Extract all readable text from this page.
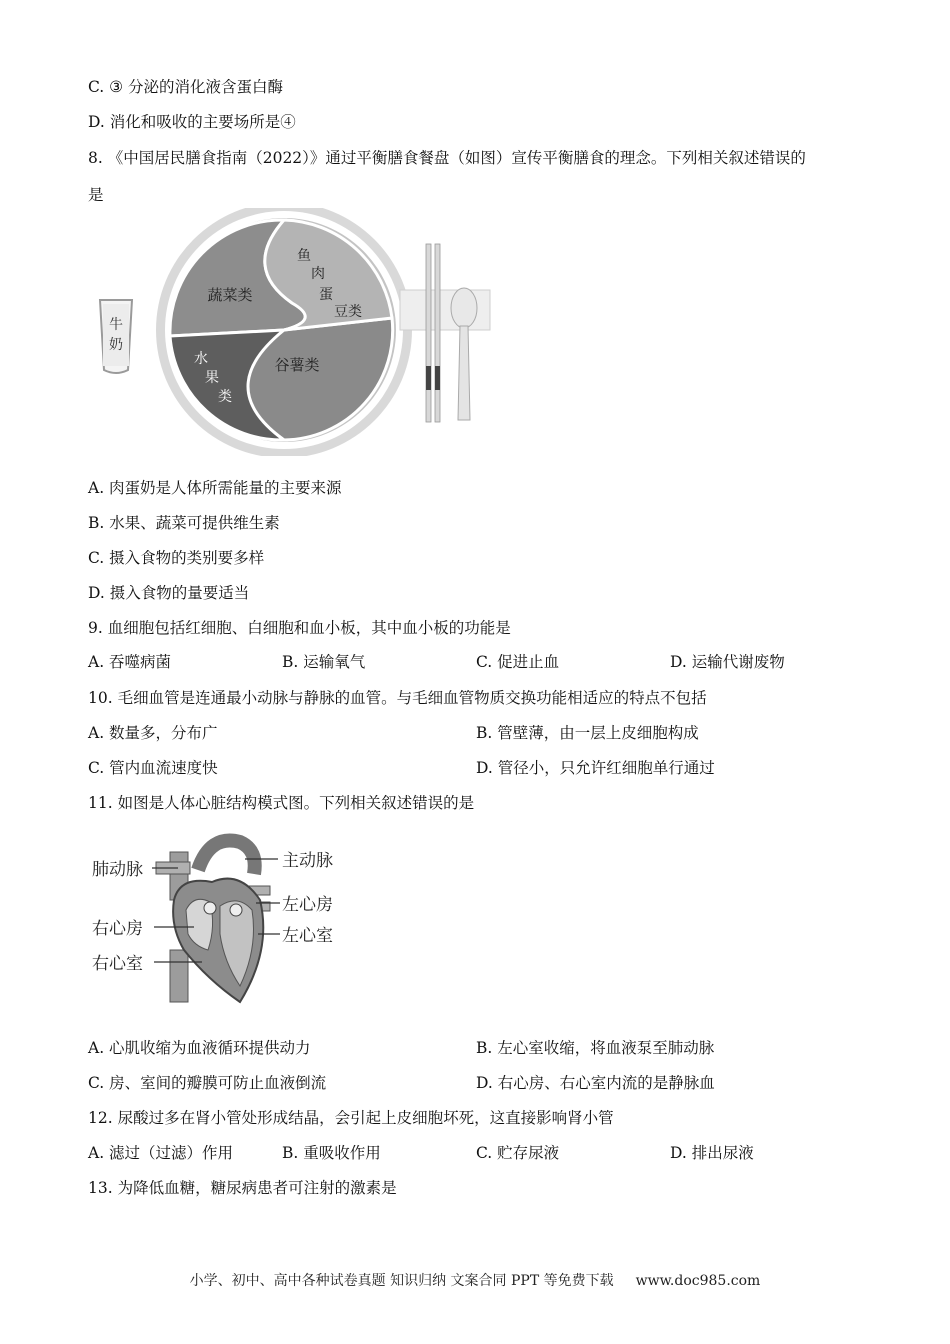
C. ③ 分泌的消化液含蛋白酶
D. 消化和吸收的主要场所是④
8. 《中国居民膳食指南（2022）》通过平衡膳食餐盘（如图）宣传平衡膳食的理念。下列相关叙述错误的
是
牛
奶
蔬菜类
鱼
肉
蛋
豆类
水
果
类
谷薯类
A. 肉蛋奶是人体所需能量的主要来源
B. 水果、蔬菜可提供维生素
C. 摄入食物的类别要多样
D. 摄入食物的量要适当
9. 血细胞包括红细胞、白细胞和血小板，其中血小板的功能是
A. 吞噬病菌	B. 运输氧气	C. 促进止血	D. 运输代谢废物
10. 毛细血管是连通最小动脉与静脉的血管。与毛细血管物质交换功能相适应的特点不包括
A. 数量多，分布广	B. 管壁薄，由一层上皮细胞构成
C. 管内血流速度快	D. 管径小，只允许红细胞单行通过
11. 如图是人体心脏结构模式图。下列相关叙述错误的是
肺动脉	主动脉
左心房
右心房	左心室
右心室
A. 心肌收缩为血液循环提供动力	B. 左心室收缩，将血液泵至肺动脉
C. 房、室间的瓣膜可防止血液倒流	D. 右心房、右心室内流的是静脉血
12. 尿酸过多在肾小管处形成结晶，会引起上皮细胞坏死，这直接影响肾小管
A. 滤过（过滤）作用	B. 重吸收作用	C. 贮存尿液	D. 排出尿液
13. 为降低血糖，糖尿病患者可注射的激素是
小学、初中、高中各种试卷真题 知识归纳 文案合同 PPT 等免费下载 www.doc985.com
